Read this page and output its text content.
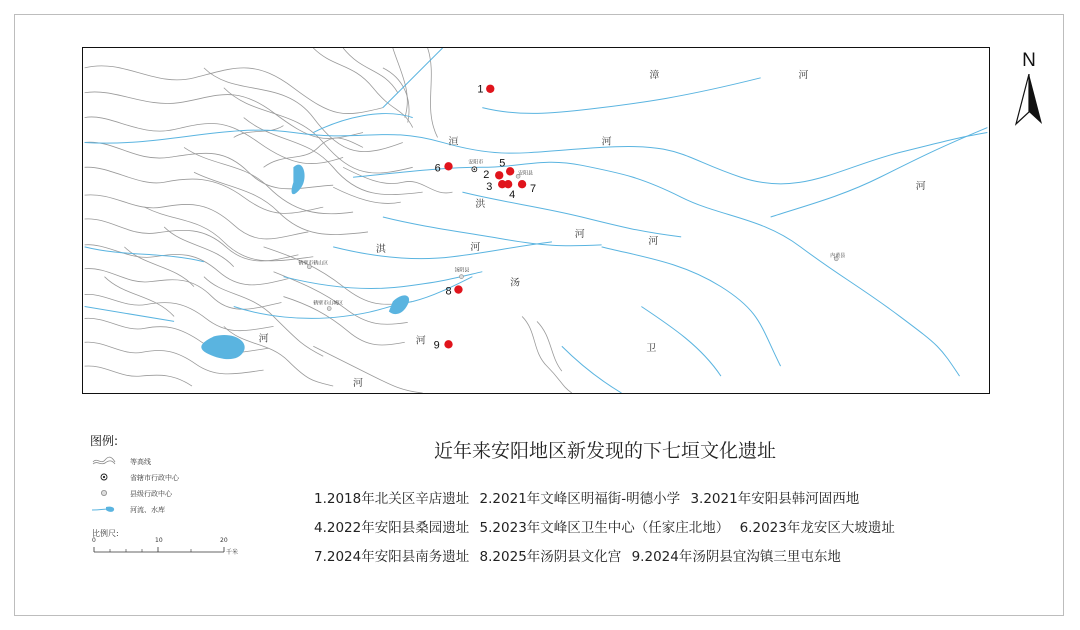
漳	河
洹	河
河
洪
河
河
河
淇
汤
河
卫
河
河
安阳市
安阳县
鹤壁市鹤山区
鹤壁市山城区
汤阴县
内黄县
1
2
3
4
5
6
7
8
9
N
图例:
等高线
省辖市行政中心
县级行政中心
河流、水库
比例尺:
0	10	20
千米
近年来安阳地区新发现的下七垣文化遗址
1.2018年北关区辛店遗址 2.2021年文峰区明福街-明德小学 3.2021年安阳县韩河固西地
4.2022年安阳县桑园遗址 5.2023年文峰区卫生中心（任家庄北地） 6.2023年龙安区大坡遗址
7.2024年安阳县南务遗址 8.2025年汤阴县文化宫 9.2024年汤阴县宜沟镇三里屯东地
